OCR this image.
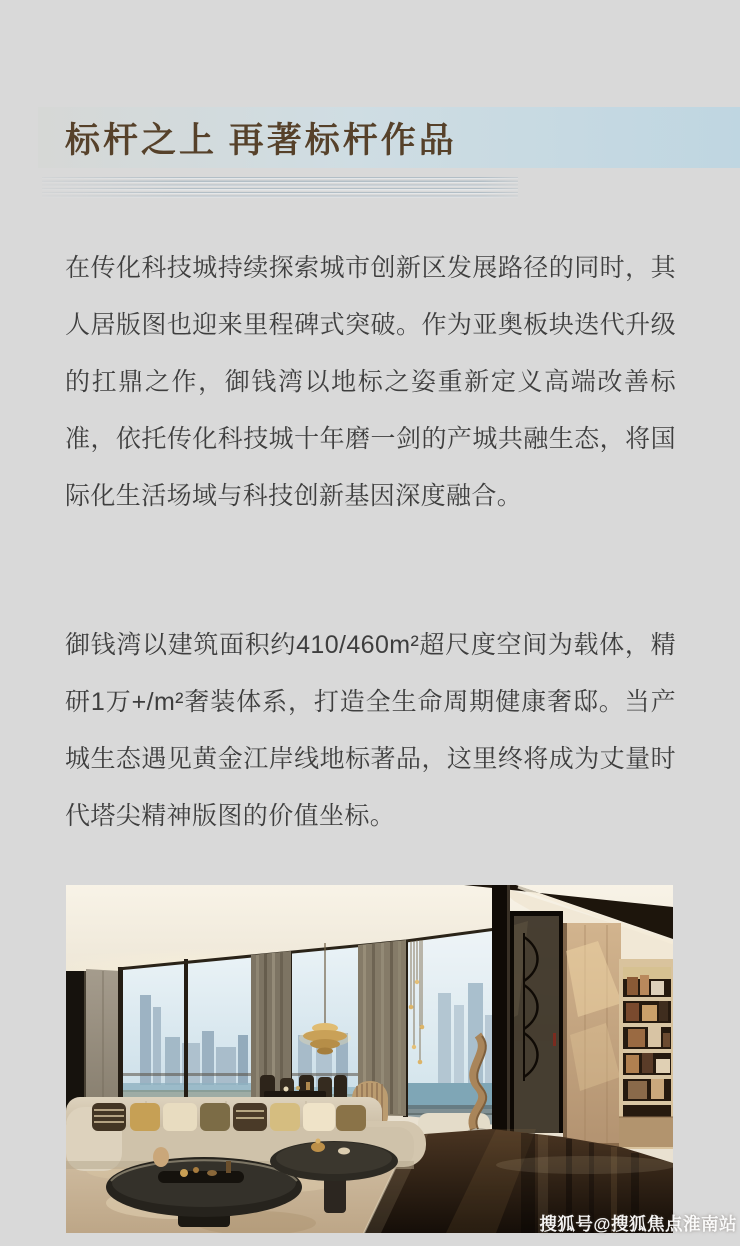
标杆之上 再著标杆作品

在传化科技城持续探索城市创新区发展路径的同时，其人居版图也迎来里程碑式突破。作为亚奥板块迭代升级的扛鼎之作，御钱湾以地标之姿重新定义高端改善标准，依托传化科技城十年磨一剑的产城共融生态，将国际化生活场域与科技创新基因深度融合。

御钱湾以建筑面积约410/460m²超尺度空间为载体，精研1万+/m²奢装体系，打造全生命周期健康奢邸。当产城生态遇见黄金江岸线地标著品，这里终将成为丈量时代塔尖精神版图的价值坐标。

搜狐号@搜狐焦点淮南站
